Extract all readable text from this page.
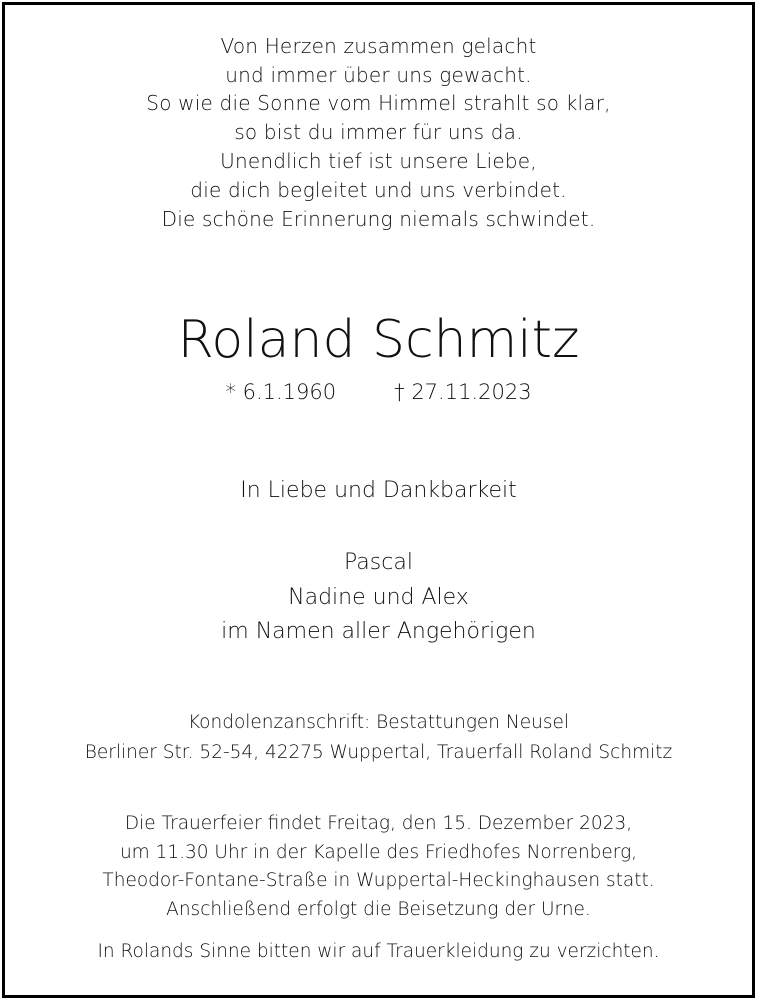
Von Herzen zusammen gelacht
und immer über uns gewacht.
So wie die Sonne vom Himmel strahlt so klar,
so bist du immer für uns da.
Unendlich tief ist unsere Liebe,
die dich begleitet und uns verbindet.
Die schöne Erinnerung niemals schwindet.
Roland Schmitz
* 6.1.1960	† 27.11.2023
In Liebe und Dankbarkeit
Pascal
Nadine und Alex
im Namen aller Angehörigen
Kondolenzanschrift: Bestattungen Neusel
Berliner Str. 52-54, 42275 Wuppertal, Trauerfall Roland Schmitz
Die Trauerfeier findet Freitag, den 15. Dezember 2023,
um 11.30 Uhr in der Kapelle des Friedhofes Norrenberg,
Theodor-Fontane-Straße in Wuppertal-Heckinghausen statt.
Anschließend erfolgt die Beisetzung der Urne.
In Rolands Sinne bitten wir auf Trauerkleidung zu verzichten.
